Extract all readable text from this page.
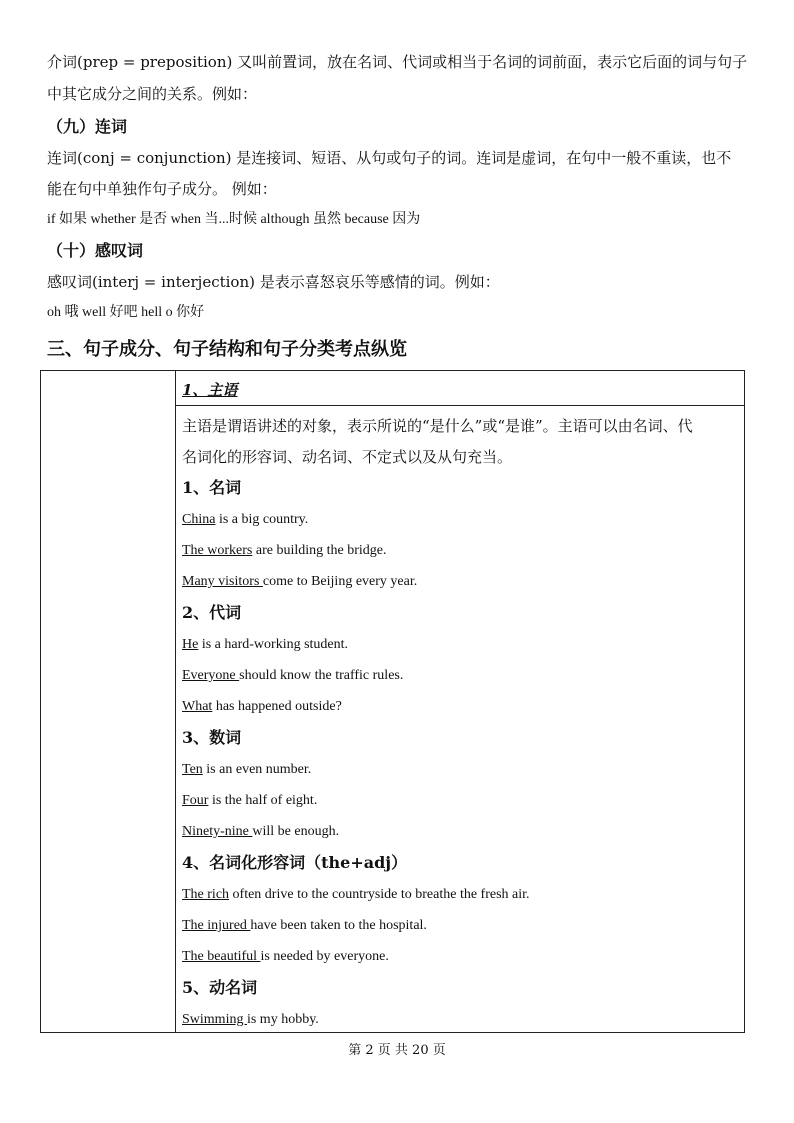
介词(prep = preposition) 又叫前置词，放在名词、代词或相当于名词的词前面，表示它后面的词与句子
中其它成分之间的关系。例如：
（九）连词
连词(conj = conjunction) 是连接词、短语、从句或句子的词。连词是虚词，在句中一般不重读，也不
能在句中单独作句子成分。 例如：
if 如果 whether 是否 when 当...时候 although 虽然 because 因为
（十）感叹词
感叹词(interj = interjection) 是表示喜怒哀乐等感情的词。例如：
oh 哦 well 好吧 hell o 你好
三、句子成分、句子结构和句子分类考点纵览
1、主语
主语是谓语讲述的对象，表示所说的“是什么”或“是谁”。主语可以由名词、代
名词化的形容词、动名词、不定式以及从句充当。
1、名词
China is a big country.
The workers are building the bridge.
Many visitors come to Beijing every year.
2、代词
He is a hard-working student.
Everyone should know the traffic rules.
What has happened outside?
3、数词
Ten is an even number.
Four is the half of eight.
Ninety-nine will be enough.
4、名词化形容词（the+adj）
The rich often drive to the countryside to breathe the fresh air.
The injured have been taken to the hospital.
The beautiful is needed by everyone.
5、动名词
Swimming is my hobby.
第 2 页 共 20 页
